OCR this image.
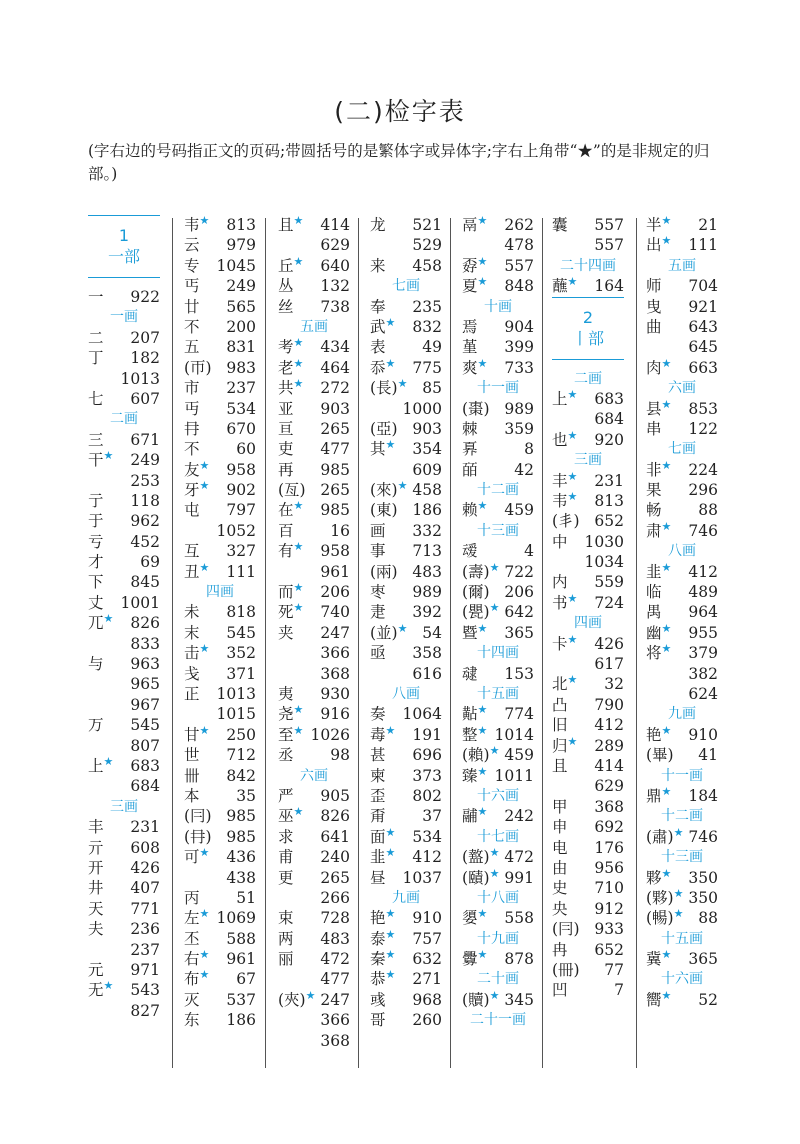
(二)检字表
(字右边的号码指正文的页码;带圆括号的是繁体字或异体字;字右上角带“★”的是非规定的归部。)
1
一部
一 922
一画
二 207
丁 182
1013
七 607
二画
三 671
干★ 249
253
亍 118
于 962
亏 452
才 69
下 845
丈 1001
兀★ 826
833
与 963
965
967
万 545
807
上★ 683
684
三画
丰 231
亓 608
开 426
井 407
天 771
夫 236
237
元 971
无★ 543
827
韦★ 813
云 979
专 1045
丐 249
廿 565
不 200
五 831
(帀) 983
市 237
丏 534
冄 670
不 60
友★ 958
牙★ 902
屯 797
1052
互 327
丑★ 111
四画
未 818
末 545
击★ 352
戋 371
正 1013
1015
甘★ 250
世 712
卌 842
本 35
(冃) 985
(冄) 985
可★ 436
438
丙 51
左★ 1069
丕 588
右★ 961
布★ 67
灭 537
东 186
且★ 414
629
丘★ 640
丛 132
丝 738
五画
考★ 434
老★ 464
共★ 272
亚 903
亘 265
吏 477
再 985
(亙) 265
在★ 985
百 16
有★ 958
961
而★ 206
死★ 740
夹 247
366
368
夷 930
尧★ 916
至★ 1026
丞 98
六画
严 905
巫★ 826
求 641
甫 240
更 265
266
束 728
两 483
丽 472
477
(夾)★ 247
366
368
龙 521
529
来 458
七画
奉 235
武★ 832
表 49
忝★ 775
(長)★ 85
1000
(亞) 903
其★ 354
609
(來)★ 458
(東) 186
画 332
事 713
(兩) 483
枣 989
疌 392
(並)★ 54
亟 358
616
八画
奏 1064
毒★ 191
甚 696
柬 373
歪 802
甭 37
面★ 534
韭★ 412
昼 1037
九画
艳★ 910
泰★ 757
秦★ 632
恭★ 271
彧 968
哥 260
鬲★ 262
478
孬★ 557
夏★ 848
十画
焉 904
堇 399
爽★ 733
十一画
(棗) 989
棘 359
奡	8
皕 42
十二画
赖★ 459
十三画
叆	4
(壽)★ 722
(爾) 206
(甖)★ 642
暨★ 365
十四画
叇 153
十五画
黇★ 774
整★ 1014
(賴)★ 459
臻★ 1011
十六画
鬴★ 242
十七画
(盩)★ 472
(賾)★ 991
十八画
嬃★ 558
十九画
釁★ 878
二十画
(贖)★ 345
二十一画
囊 557
557
二十四画
蘸★ 164
2
丨部
二画
上★ 683
684
也★ 920
三画
丰★ 231
韦★ 813
(丯) 652
中 1030
1034
内 559
书★ 724
四画
卡★ 426
617
北★ 32
凸 790
旧 412
归★ 289
且 414
629
甲 368
申 692
电 176
由 956
史 710
央 912
(冃) 933
冉 652
(冊) 77
凹	7
半★ 21
出★ 111
五画
师 704
曳 921
曲 643
645
肉★ 663
六画
县★ 853
串 122
七画
非★ 224
果 296
畅 88
肃★ 746
八画
韭★ 412
临 489
禺 964
幽★ 955
将★ 379
382
624
九画
艳★ 910
(畢) 41
十一画
鼎★ 184
十二画
(肅)★ 746
十三画
夥★ 350
(夥)★ 350
(暢)★ 88
十五画
冀★ 365
十六画
嚮★ 52
